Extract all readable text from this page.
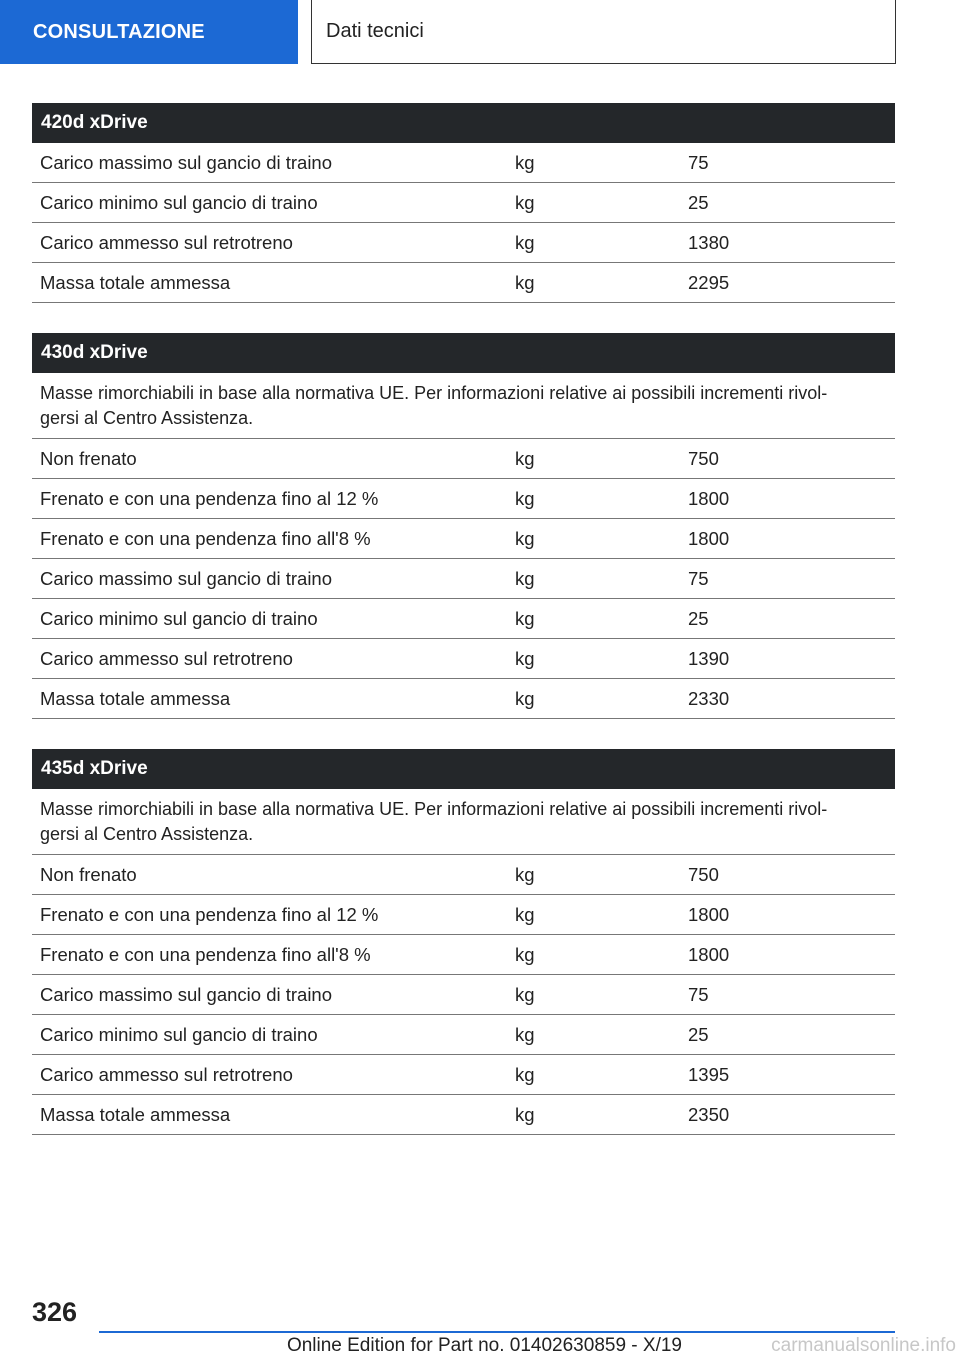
CONSULTAZIONE	Dati tecnici
420d xDrive
Carico massimo sul gancio di traino	kg	75
Carico minimo sul gancio di traino	kg	25
Carico ammesso sul retrotreno	kg	1380
Massa totale ammessa	kg	2295
430d xDrive
Masse rimorchiabili in base alla normativa UE. Per informazioni relative ai possibili incrementi rivol-gersi al Centro Assistenza.
Non frenato	kg	750
Frenato e con una pendenza fino al 12 %	kg	1800
Frenato e con una pendenza fino all'8 %	kg	1800
Carico massimo sul gancio di traino	kg	75
Carico minimo sul gancio di traino	kg	25
Carico ammesso sul retrotreno	kg	1390
Massa totale ammessa	kg	2330
435d xDrive
Masse rimorchiabili in base alla normativa UE. Per informazioni relative ai possibili incrementi rivol-gersi al Centro Assistenza.
Non frenato	kg	750
Frenato e con una pendenza fino al 12 %	kg	1800
Frenato e con una pendenza fino all'8 %	kg	1800
Carico massimo sul gancio di traino	kg	75
Carico minimo sul gancio di traino	kg	25
Carico ammesso sul retrotreno	kg	1395
Massa totale ammessa	kg	2350
326
Online Edition for Part no. 01402630859 - X/19	carmanualsonline.info
